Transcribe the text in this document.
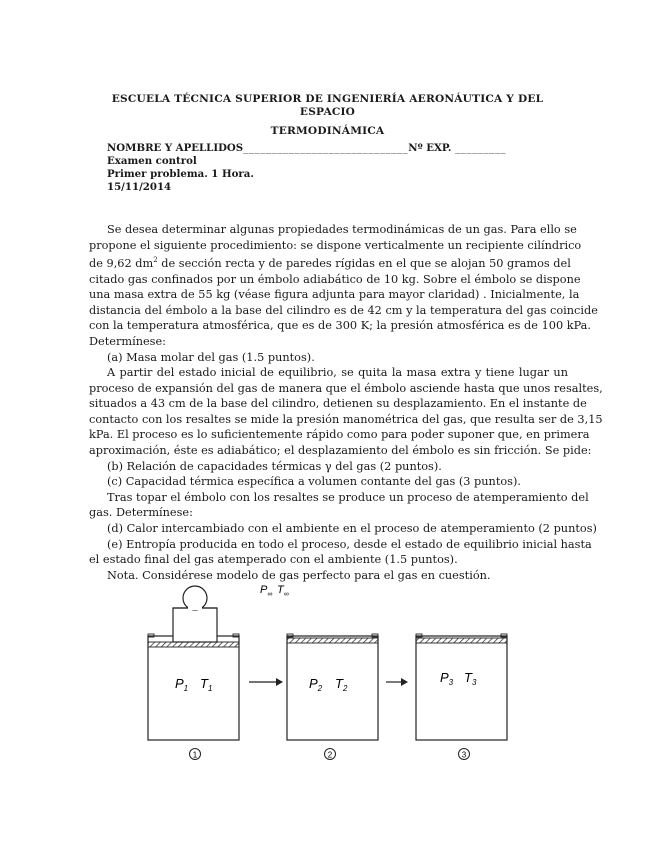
ESCUELA TÉCNICA SUPERIOR DE INGENIERÍA AERONÁUTICA Y DEL
ESPACIO
TERMODINÁMICA
NOMBRE Y APELLIDOS_____________________________Nº EXP. _________
Examen control
Primer problema. 1 Hora.
15/11/2014
Se desea determinar algunas propiedades termodinámicas de un gas. Para ello se
propone el siguiente procedimiento: se dispone verticalmente un recipiente cilíndrico
de 9,62 $dm^2$ de sección recta y de paredes rígidas en el que se alojan 50 gramos del
citado gas confinados por un émbolo adiabático de 10 kg. Sobre el émbolo se dispone
una masa extra de 55 kg (véase figura adjunta para mayor claridad) . Inicialmente, la
distancia del émbolo a la base del cilindro es de 42 cm y la temperatura del gas coincide
con la temperatura atmosférica, que es de 300 K; la presión atmosférica es de 100 kPa.
Determínese:
(a) Masa molar del gas (1.5 puntos).
A partir del estado inicial de equilibrio, se quita la masa extra y tiene lugar un
proceso de expansión del gas de manera que el émbolo asciende hasta que unos resaltes,
situados a 43 cm de la base del cilindro, detienen su desplazamiento. En el instante de
contacto con los resaltes se mide la presión manométrica del gas, que resulta ser de 3,15
kPa. El proceso es lo suficientemente rápido como para poder suponer que, en primera
aproximación, éste es adiabático; el desplazamiento del émbolo es sin fricción. Se pide:
(b) Relación de capacidades térmicas γ del gas (2 puntos).
(c) Capacidad térmica específica a volumen contante del gas (3 puntos).
Tras topar el émbolo con los resaltes se produce un proceso de atemperamiento del
gas. Determínese:
(d) Calor intercambiado con el ambiente en el proceso de atemperamiento (2 puntos)
(e) Entropía producida en todo el proceso, desde el estado de equilibrio inicial hasta
el estado final del gas atemperado con el ambiente (1.5 puntos).
Nota. Considérese modelo de gas perfecto para el gas en cuestión.
$P_\infty$ $T_\infty$
$P_1$ $T_1$	$P_2$ $T_2$
$P_3$ $T_3$
1	2	3
